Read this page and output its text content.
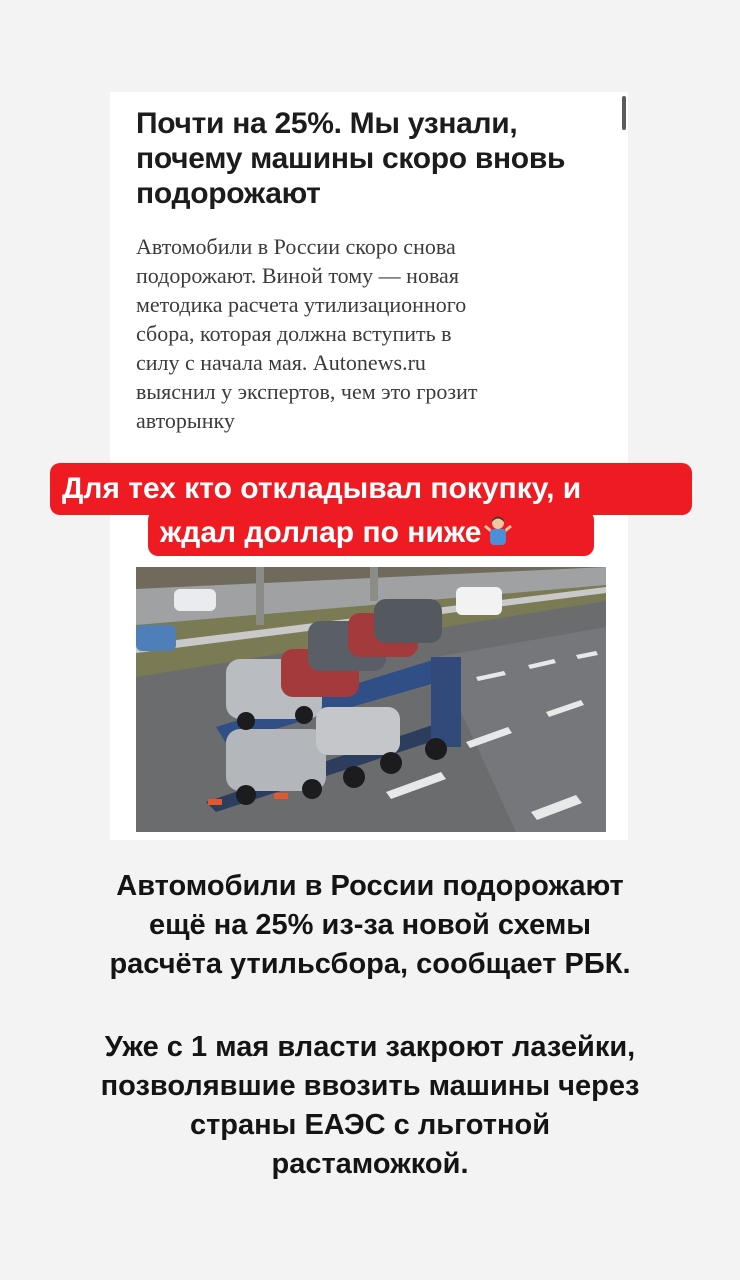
Почти на 25%. Мы узнали, почему машины скоро вновь подорожают
Автомобили в России скоро снова
подорожают. Виной тому — новая
методика расчета утилизационного
сбора, которая должна вступить в
силу с начала мая. Autonews.ru
выяснил у экспертов, чем это грозит
авторынку
Для тех кто откладывал покупку, и
ждал доллар по ниже
Автомобили в России подорожают
ещё на 25% из-за новой схемы
расчёта утильсбора, сообщает РБК.
Уже с 1 мая власти закроют лазейки,
позволявшие ввозить машины через
страны ЕАЭС с льготной
растаможкой.
